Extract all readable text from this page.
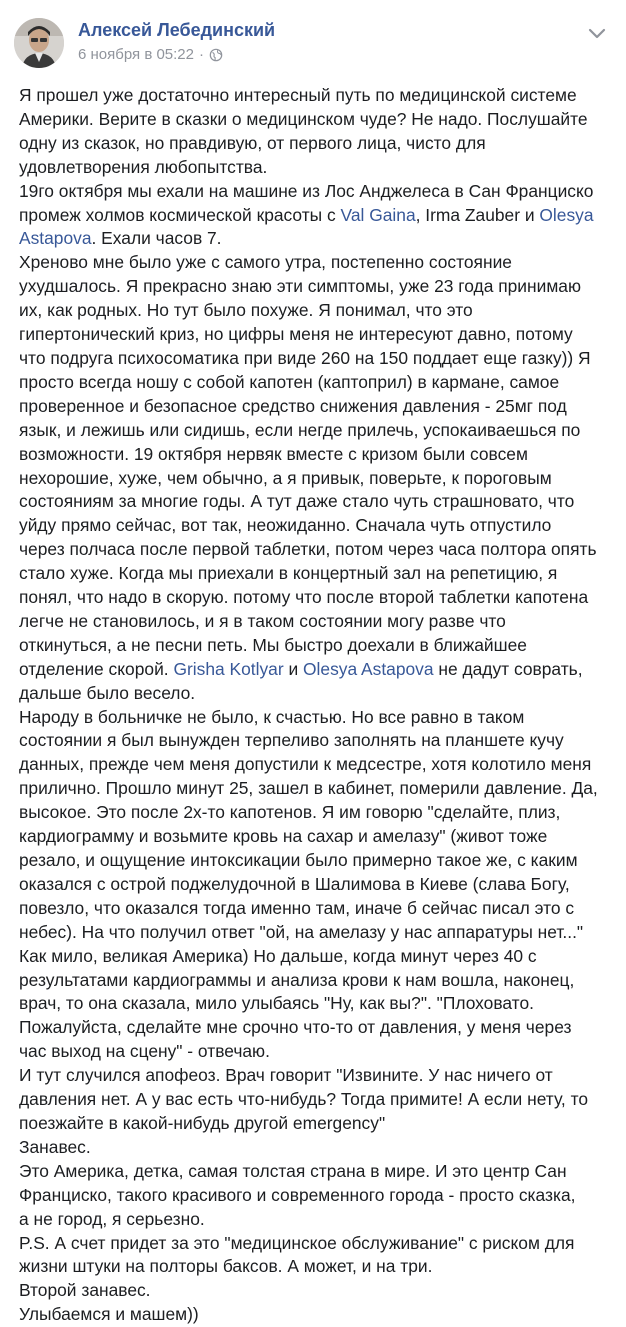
Алексей Лебединский
6 ноября в 05:22 ·

Я прошел уже достаточно интересный путь по медицинской системе

Америки. Верите в сказки о медицинском чуде? Не надо. Послушайте

одну из сказок, но правдивую, от первого лица, чисто для

удовлетворения любопытства.

19го октября мы ехали на машине из Лос Анджелеса в Сан Франциско

промеж холмов космической красоты с Val Gaina, Irma Zauber и Olesya

Astapova. Ехали часов 7.

Хреново мне было уже с самого утра, постепенно состояние

ухудшалось. Я прекрасно знаю эти симптомы, уже 23 года принимаю

их, как родных. Но тут было похуже. Я понимал, что это

гипертонический криз, но цифры меня не интересуют давно, потому

что подруга психосоматика при виде 260 на 150 поддает еще газку)) Я

просто всегда ношу с собой капотен (каптоприл) в кармане, самое

проверенное и безопасное средство снижения давления - 25мг под

язык, и лежишь или сидишь, если негде прилечь, успокаиваешься по

возможности. 19 октября нервяк вместе с кризом были совсем

нехорошие, хуже, чем обычно, а я привык, поверьте, к пороговым

состояниям за многие годы. А тут даже стало чуть страшновато, что

уйду прямо сейчас, вот так, неожиданно. Сначала чуть отпустило

через полчаса после первой таблетки, потом через часа полтора опять

стало хуже. Когда мы приехали в концертный зал на репетицию, я

понял, что надо в скорую. потому что после второй таблетки капотена

легче не становилось, и я в таком состоянии могу разве что

откинуться, а не песни петь. Мы быстро доехали в ближайшее

отделение скорой. Grisha Kotlyar и Olesya Astapova не дадут соврать,

дальше было весело.

Народу в больничке не было, к счастью. Но все равно в таком

состоянии я был вынужден терпеливо заполнять на планшете кучу

данных, прежде чем меня допустили к медсестре, хотя колотило меня

прилично. Прошло минут 25, зашел в кабинет, померили давление. Да,

высокое. Это после 2х-то капотенов. Я им говорю "сделайте, плиз,

кардиограмму и возьмите кровь на сахар и амелазу" (живот тоже

резало, и ощущение интоксикации было примерно такое же, с каким

оказался с острой поджелудочной в Шалимова в Киеве (слава Богу,

повезло, что оказался тогда именно там, иначе б сейчас писал это с

небес). На что получил ответ "ой, на амелазу у нас аппаратуры нет..."

Как мило, великая Америка) Но дальше, когда минут через 40 с

результатами кардиограммы и анализа крови к нам вошла, наконец,

врач, то она сказала, мило улыбаясь "Ну, как вы?". "Плоховато.

Пожалуйста, сделайте мне срочно что-то от давления, у меня через

час выход на сцену" - отвечаю.

И тут случился апофеоз. Врач говорит "Извините. У нас ничего от

давления нет. А у вас есть что-нибудь? Тогда примите! А если нету, то

поезжайте в какой-нибудь другой emergency"

Занавес.

Это Америка, детка, самая толстая страна в мире. И это центр Сан

Франциско, такого красивого и современного города - просто сказка,

а не город, я серьезно.

P.S. А счет придет за это "медицинское обслуживание" с риском для

жизни штуки на полторы баксов. А может, и на три.

Второй занавес.

Улыбаемся и машем))
